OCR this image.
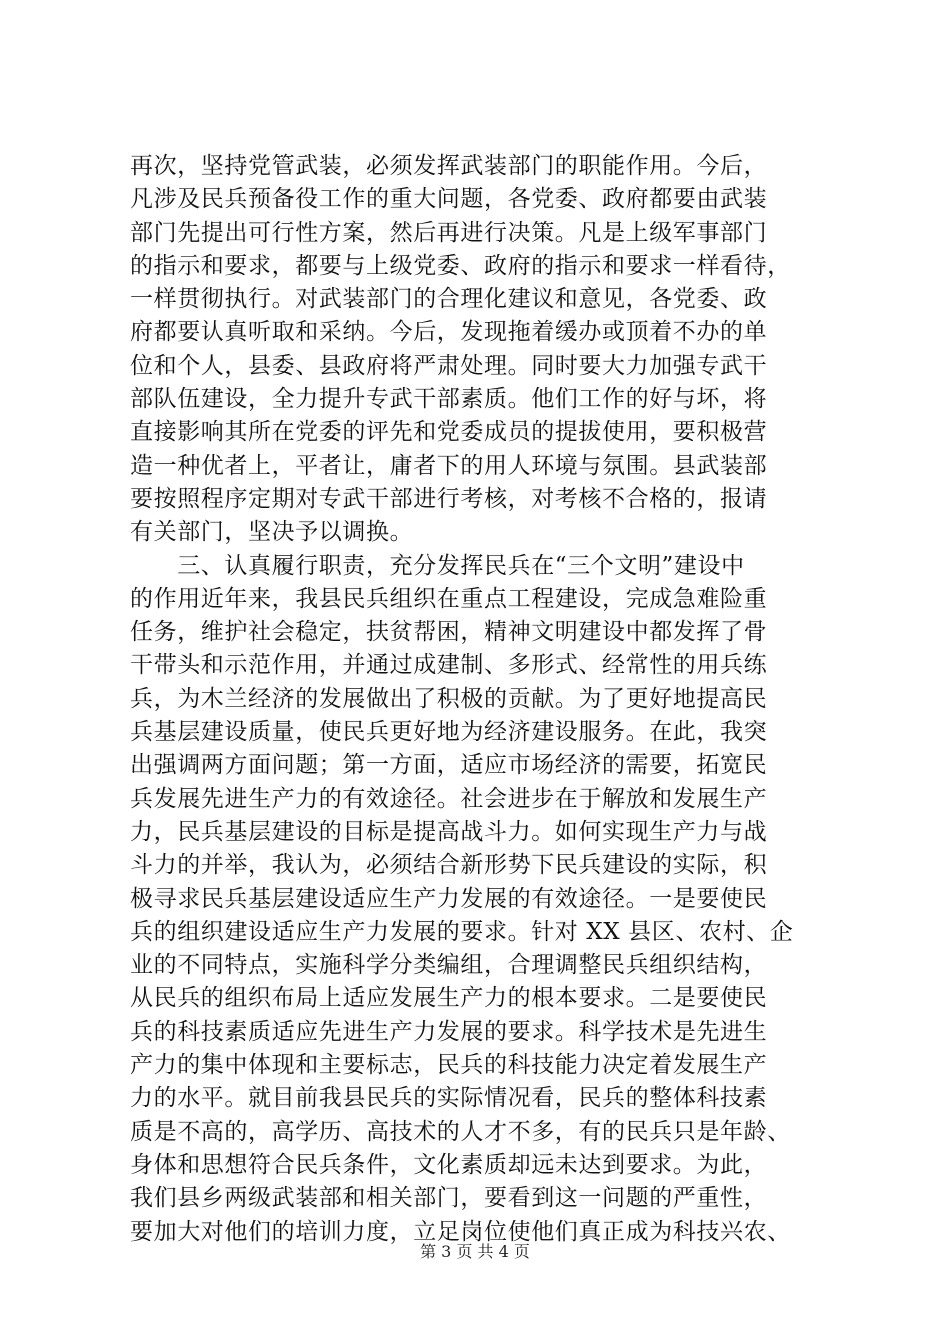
再次，坚持党管武装，必须发挥武装部门的职能作用。今后，
凡涉及民兵预备役工作的重大问题，各党委、政府都要由武装
部门先提出可行性方案，然后再进行决策。凡是上级军事部门
的指示和要求，都要与上级党委、政府的指示和要求一样看待，
一样贯彻执行。对武装部门的合理化建议和意见，各党委、政
府都要认真听取和采纳。今后，发现拖着缓办或顶着不办的单
位和个人，县委、县政府将严肃处理。同时要大力加强专武干
部队伍建设，全力提升专武干部素质。他们工作的好与坏，将
直接影响其所在党委的评先和党委成员的提拔使用，要积极营
造一种优者上，平者让，庸者下的用人环境与氛围。县武装部
要按照程序定期对专武干部进行考核，对考核不合格的，报请
有关部门，坚决予以调换。
　　三、认真履行职责，充分发挥民兵在“三个文明”建设中
的作用近年来，我县民兵组织在重点工程建设，完成急难险重
任务，维护社会稳定，扶贫帮困，精神文明建设中都发挥了骨
干带头和示范作用，并通过成建制、多形式、经常性的用兵练
兵，为木兰经济的发展做出了积极的贡献。为了更好地提高民
兵基层建设质量，使民兵更好地为经济建设服务。在此，我突
出强调两方面问题；第一方面，适应市场经济的需要，拓宽民
兵发展先进生产力的有效途径。社会进步在于解放和发展生产
力，民兵基层建设的目标是提高战斗力。如何实现生产力与战
斗力的并举，我认为，必须结合新形势下民兵建设的实际，积
极寻求民兵基层建设适应生产力发展的有效途径。一是要使民
兵的组织建设适应生产力发展的要求。针对 XX 县区、农村、企
业的不同特点，实施科学分类编组，合理调整民兵组织结构，
从民兵的组织布局上适应发展生产力的根本要求。二是要使民
兵的科技素质适应先进生产力发展的要求。科学技术是先进生
产力的集中体现和主要标志，民兵的科技能力决定着发展生产
力的水平。就目前我县民兵的实际情况看，民兵的整体科技素
质是不高的，高学历、高技术的人才不多，有的民兵只是年龄、
身体和思想符合民兵条件，文化素质却远未达到要求。为此，
我们县乡两级武装部和相关部门，要看到这一问题的严重性，
要加大对他们的培训力度，立足岗位使他们真正成为科技兴农、
第 3 页 共 4 页
